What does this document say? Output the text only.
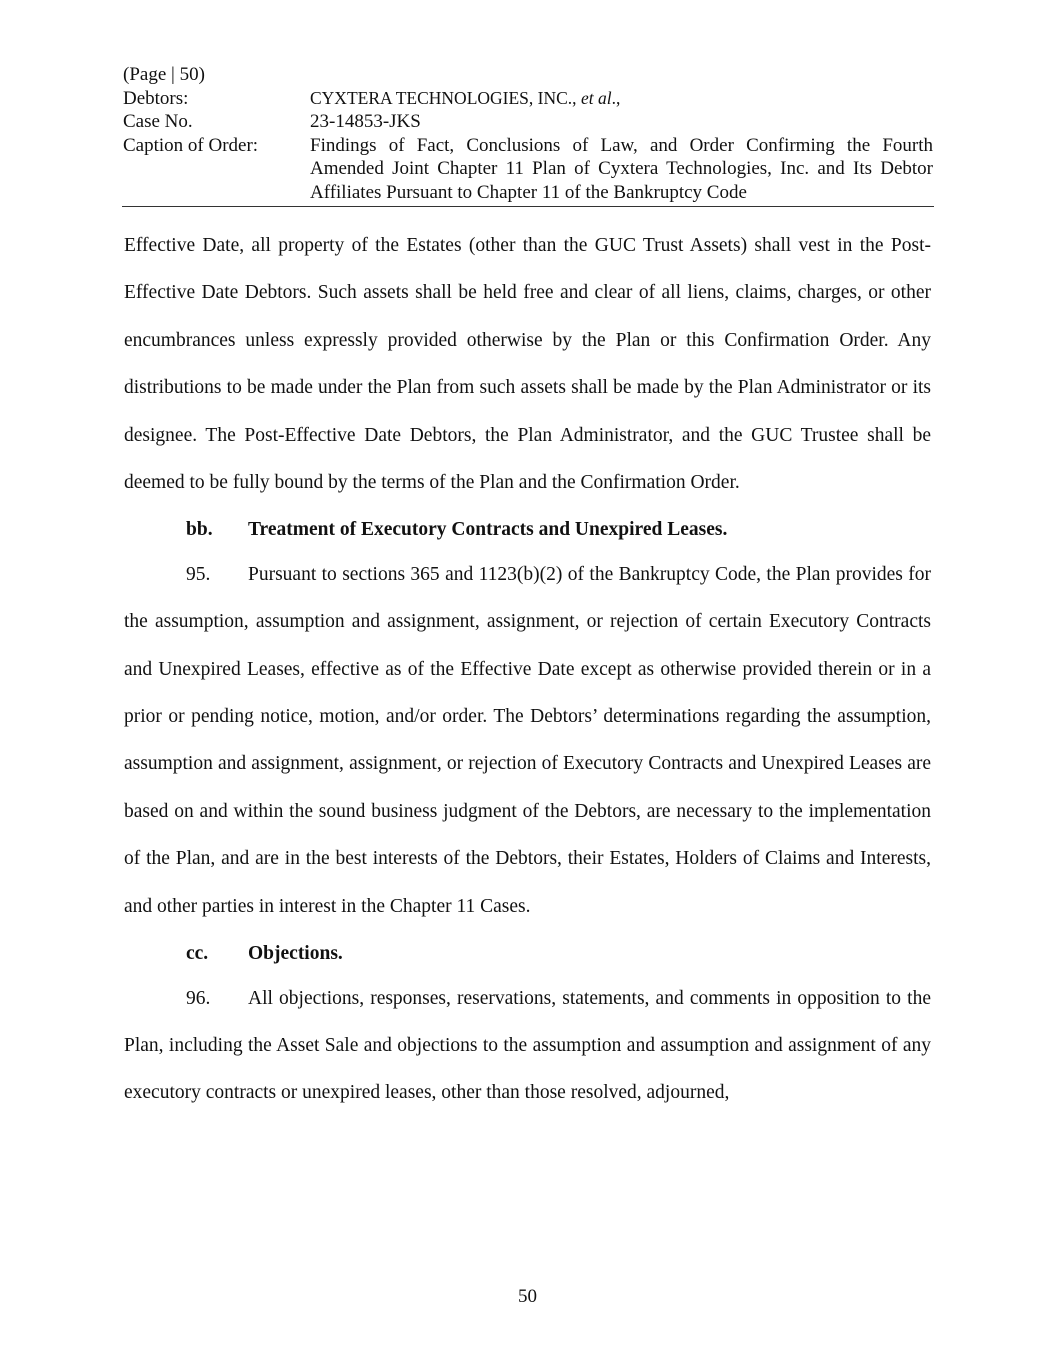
(Page | 50)
Debtors:	CYXTERA TECHNOLOGIES, INC., et al.,
Case No.	23-14853-JKS
Caption of Order:	Findings of Fact, Conclusions of Law, and Order Confirming the Fourth Amended Joint Chapter 11 Plan of Cyxtera Technologies, Inc. and Its Debtor Affiliates Pursuant to Chapter 11 of the Bankruptcy Code

Effective Date, all property of the Estates (other than the GUC Trust Assets) shall vest in the Post-Effective Date Debtors. Such assets shall be held free and clear of all liens, claims, charges, or other encumbrances unless expressly provided otherwise by the Plan or this Confirmation Order. Any distributions to be made under the Plan from such assets shall be made by the Plan Administrator or its designee. The Post-Effective Date Debtors, the Plan Administrator, and the GUC Trustee shall be deemed to be fully bound by the terms of the Plan and the Confirmation Order.

bb. Treatment of Executory Contracts and Unexpired Leases.

95. Pursuant to sections 365 and 1123(b)(2) of the Bankruptcy Code, the Plan provides for the assumption, assumption and assignment, assignment, or rejection of certain Executory Contracts and Unexpired Leases, effective as of the Effective Date except as otherwise provided therein or in a prior or pending notice, motion, and/or order. The Debtors’ determinations regarding the assumption, assumption and assignment, assignment, or rejection of Executory Contracts and Unexpired Leases are based on and within the sound business judgment of the Debtors, are necessary to the implementation of the Plan, and are in the best interests of the Debtors, their Estates, Holders of Claims and Interests, and other parties in interest in the Chapter 11 Cases.

cc. Objections.

96. All objections, responses, reservations, statements, and comments in opposition to the Plan, including the Asset Sale and objections to the assumption and assumption and assignment of any executory contracts or unexpired leases, other than those resolved, adjourned,

50
